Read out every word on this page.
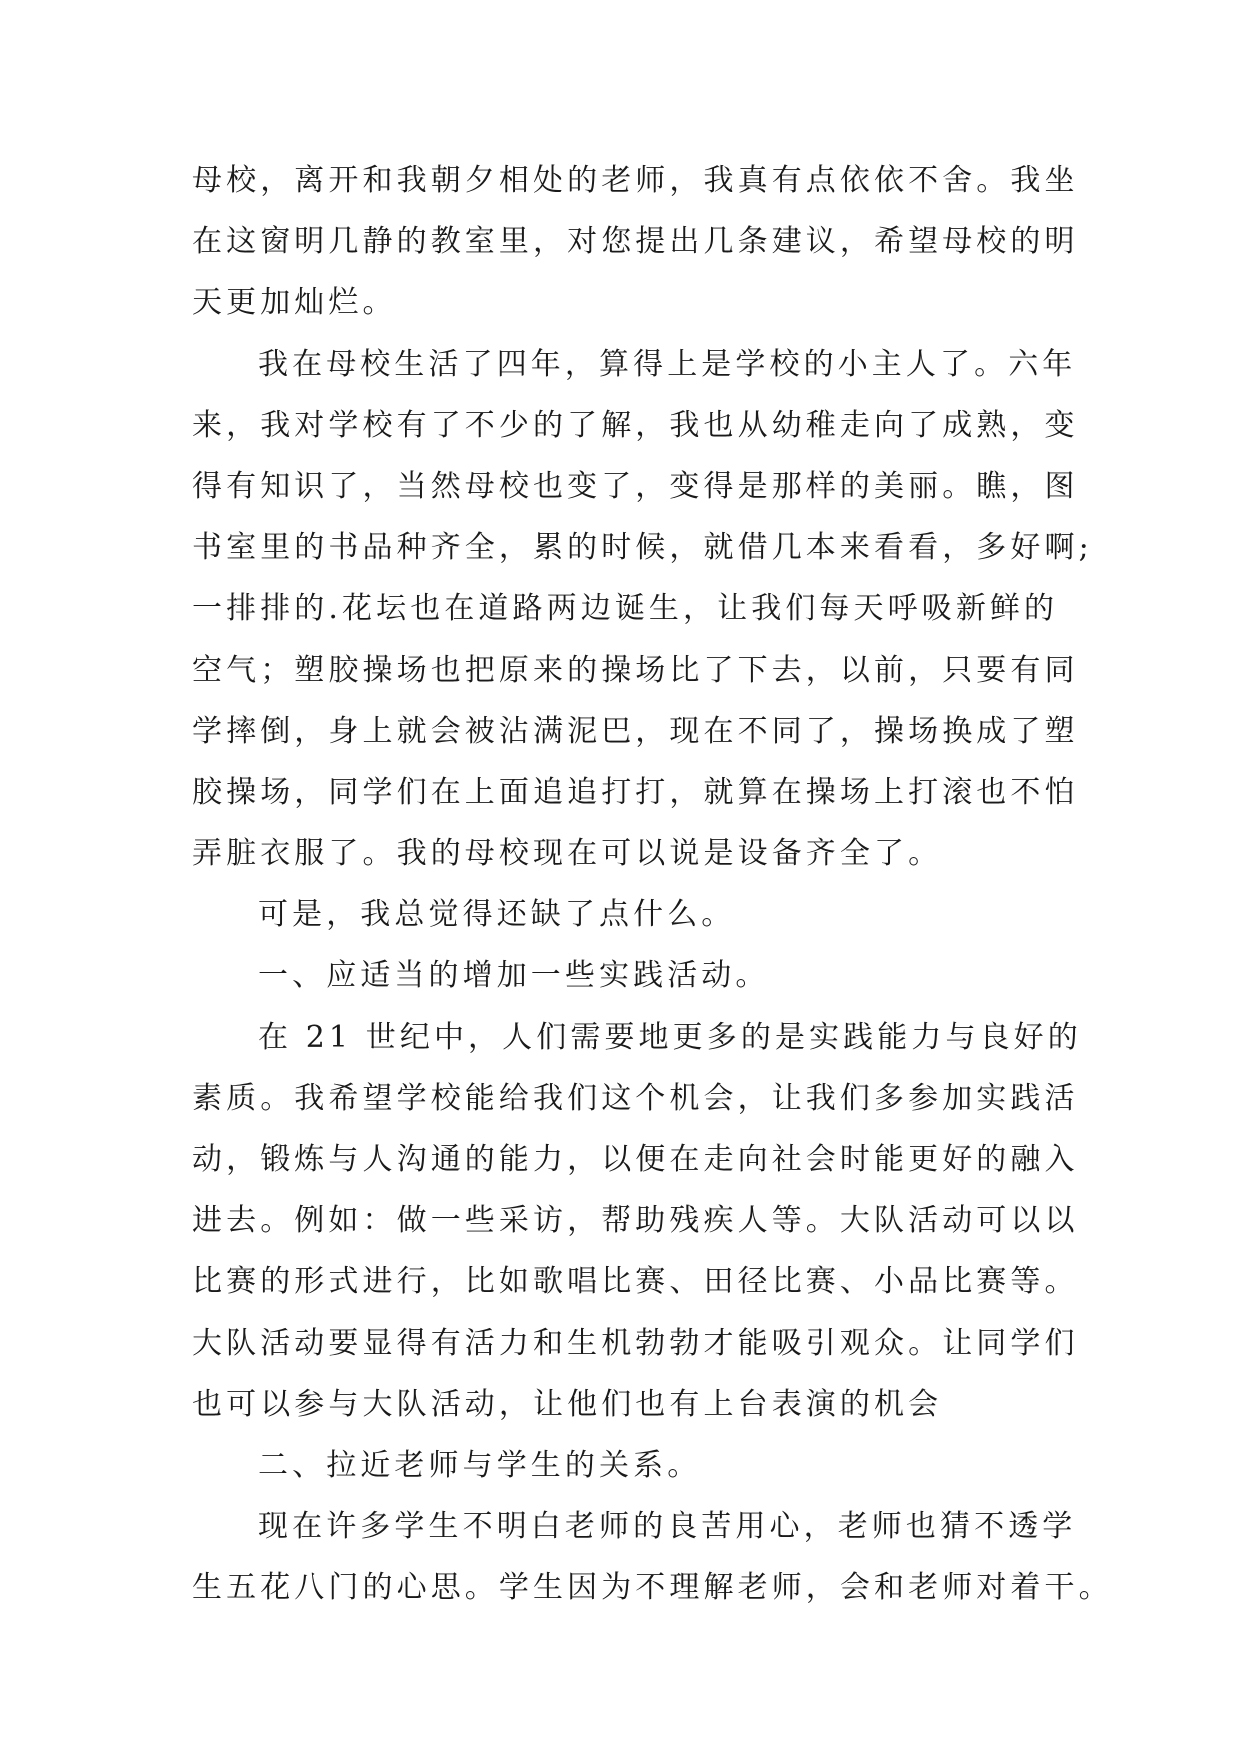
母校，离开和我朝夕相处的老师，我真有点依依不舍。我坐
在这窗明几静的教室里，对您提出几条建议，希望母校的明
天更加灿烂。
我在母校生活了四年，算得上是学校的小主人了。六年
来，我对学校有了不少的了解，我也从幼稚走向了成熟，变
得有知识了，当然母校也变了，变得是那样的美丽。瞧，图
书室里的书品种齐全，累的时候，就借几本来看看，多好啊;
一排排的.花坛也在道路两边诞生，让我们每天呼吸新鲜的
空气；塑胶操场也把原来的操场比了下去，以前，只要有同
学摔倒，身上就会被沾满泥巴，现在不同了，操场换成了塑
胶操场，同学们在上面追追打打，就算在操场上打滚也不怕
弄脏衣服了。我的母校现在可以说是设备齐全了。
可是，我总觉得还缺了点什么。
一、应适当的增加一些实践活动。
在 21 世纪中，人们需要地更多的是实践能力与良好的
素质。我希望学校能给我们这个机会，让我们多参加实践活
动，锻炼与人沟通的能力，以便在走向社会时能更好的融入
进去。例如：做一些采访，帮助残疾人等。大队活动可以以
比赛的形式进行，比如歌唱比赛、田径比赛、小品比赛等。
大队活动要显得有活力和生机勃勃才能吸引观众。让同学们
也可以参与大队活动，让他们也有上台表演的机会
二、拉近老师与学生的关系。
现在许多学生不明白老师的良苦用心，老师也猜不透学
生五花八门的心思。学生因为不理解老师，会和老师对着干。
